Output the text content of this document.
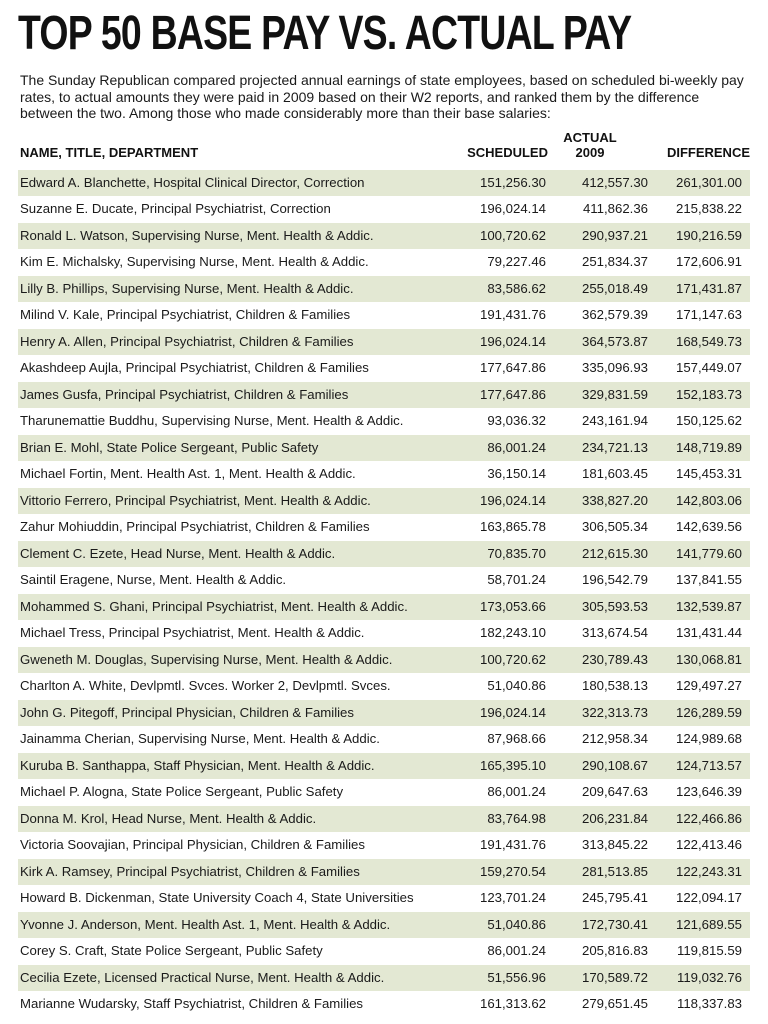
TOP 50 BASE PAY VS. ACTUAL PAY
The Sunday Republican compared projected annual earnings of state employees, based on scheduled bi-weekly pay rates, to actual amounts they were paid in 2009 based on their W2 reports, and ranked them by the difference between the two. Among those who made considerably more than their base salaries:
NAME, TITLE, DEPARTMENT	SCHEDULED
ACTUAL
2009	DIFFERENCE
Edward A. Blanchette, Hospital Clinical Director, Correction	151,256.30	412,557.30 261,301.00
Suzanne E. Ducate, Principal Psychiatrist, Correction	196,024.14	411,862.36 215,838.22
Ronald L. Watson, Supervising Nurse, Ment. Health & Addic.	100,720.62	290,937.21 190,216.59
Kim E. Michalsky, Supervising Nurse, Ment. Health & Addic.	79,227.46	251,834.37 172,606.91
Lilly B. Phillips, Supervising Nurse, Ment. Health & Addic.	83,586.62	255,018.49 171,431.87
Milind V. Kale, Principal Psychiatrist, Children & Families	191,431.76	362,579.39 171,147.63
Henry A. Allen, Principal Psychiatrist, Children & Families	196,024.14	364,573.87 168,549.73
Akashdeep Aujla, Principal Psychiatrist, Children & Families	177,647.86	335,096.93 157,449.07
James Gusfa, Principal Psychiatrist, Children & Families	177,647.86	329,831.59 152,183.73
Tharunemattie Buddhu, Supervising Nurse, Ment. Health & Addic.	93,036.32	243,161.94 150,125.62
Brian E. Mohl, State Police Sergeant, Public Safety	86,001.24	234,721.13 148,719.89
Michael Fortin, Ment. Health Ast. 1, Ment. Health & Addic.	36,150.14	181,603.45 145,453.31
Vittorio Ferrero, Principal Psychiatrist, Ment. Health & Addic.	196,024.14	338,827.20 142,803.06
Zahur Mohiuddin, Principal Psychiatrist, Children & Families	163,865.78	306,505.34 142,639.56
Clement C. Ezete, Head Nurse, Ment. Health & Addic.	70,835.70	212,615.30 141,779.60
Saintil Eragene, Nurse, Ment. Health & Addic.	58,701.24	196,542.79 137,841.55
Mohammed S. Ghani, Principal Psychiatrist, Ment. Health & Addic.	173,053.66	305,593.53 132,539.87
Michael Tress, Principal Psychiatrist, Ment. Health & Addic.	182,243.10	313,674.54 131,431.44
Gweneth M. Douglas, Supervising Nurse, Ment. Health & Addic.	100,720.62	230,789.43 130,068.81
Charlton A. White, Devlpmtl. Svces. Worker 2, Devlpmtl. Svces.	51,040.86	180,538.13 129,497.27
John G. Pitegoff, Principal Physician, Children & Families	196,024.14	322,313.73 126,289.59
Jainamma Cherian, Supervising Nurse, Ment. Health & Addic.	87,968.66	212,958.34 124,989.68
Kuruba B. Santhappa, Staff Physician, Ment. Health & Addic.	165,395.10	290,108.67 124,713.57
Michael P. Alogna, State Police Sergeant, Public Safety	86,001.24	209,647.63 123,646.39
Donna M. Krol, Head Nurse, Ment. Health & Addic.	83,764.98	206,231.84 122,466.86
Victoria Soovajian, Principal Physician, Children & Families	191,431.76	313,845.22 122,413.46
Kirk A. Ramsey, Principal Psychiatrist, Children & Families	159,270.54	281,513.85 122,243.31
Howard B. Dickenman, State University Coach 4, State Universities	123,701.24	245,795.41 122,094.17
Yvonne J. Anderson, Ment. Health Ast. 1, Ment. Health & Addic.	51,040.86	172,730.41 121,689.55
Corey S. Craft, State Police Sergeant, Public Safety	86,001.24	205,816.83 119,815.59
Cecilia Ezete, Licensed Practical Nurse, Ment. Health & Addic.	51,556.96	170,589.72 119,032.76
Marianne Wudarsky, Staff Psychiatrist, Children & Families	161,313.62	279,651.45 118,337.83
